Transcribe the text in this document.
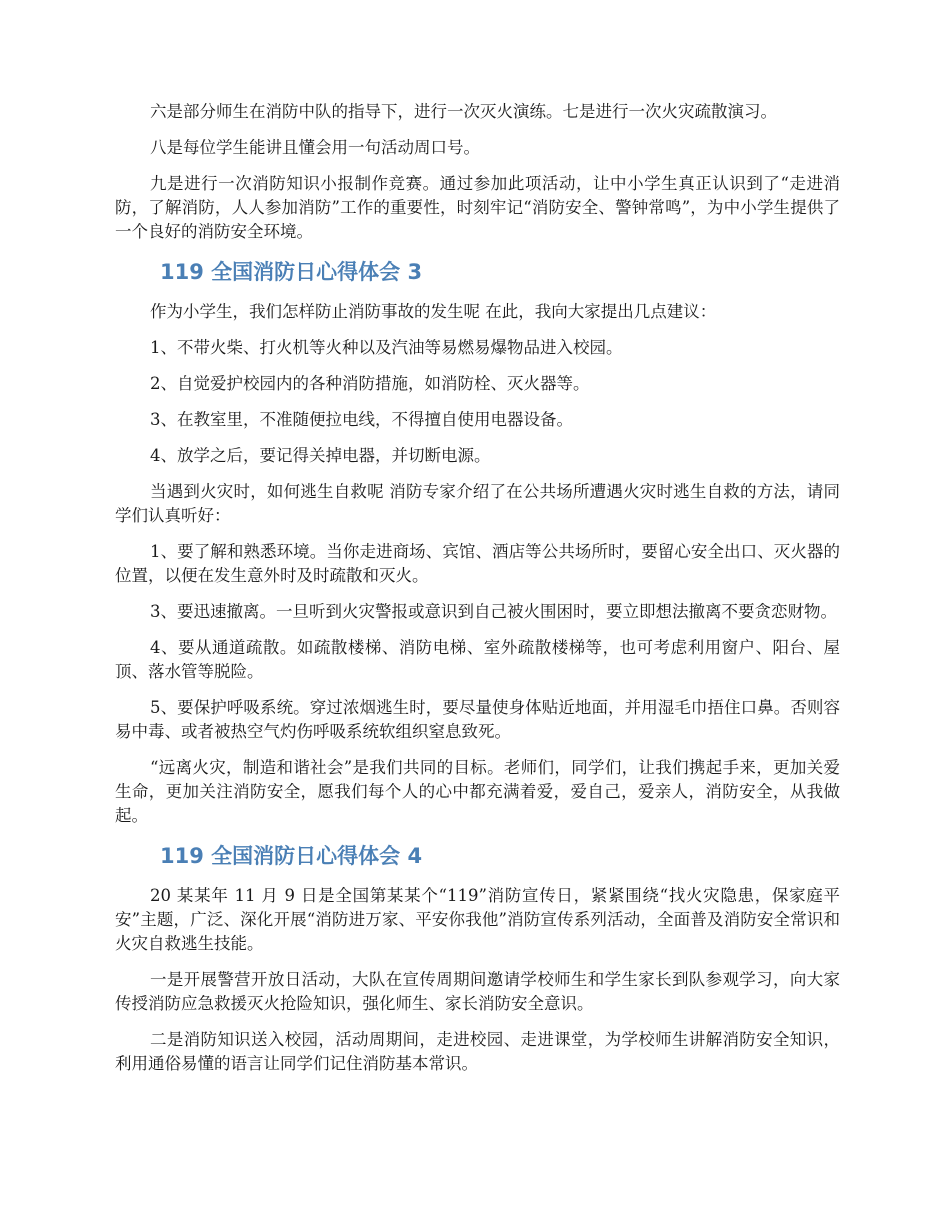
六是部分师生在消防中队的指导下，进行一次灭火演练。七是进行一次火灾疏散演习。

八是每位学生能讲且懂会用一句活动周口号。

九是进行一次消防知识小报制作竞赛。通过参加此项活动，让中小学生真正认识到了“走进消防，了解消防，人人参加消防”工作的重要性，时刻牢记“消防安全、警钟常鸣”，为中小学生提供了一个良好的消防安全环境。

119 全国消防日心得体会 3

作为小学生，我们怎样防止消防事故的发生呢 在此，我向大家提出几点建议：

1、不带火柴、打火机等火种以及汽油等易燃易爆物品进入校园。

2、自觉爱护校园内的各种消防措施，如消防栓、灭火器等。

3、在教室里，不准随便拉电线，不得擅自使用电器设备。

4、放学之后，要记得关掉电器，并切断电源。

当遇到火灾时，如何逃生自救呢 消防专家介绍了在公共场所遭遇火灾时逃生自救的方法，请同学们认真听好：

1、要了解和熟悉环境。当你走进商场、宾馆、酒店等公共场所时，要留心安全出口、灭火器的位置，以便在发生意外时及时疏散和灭火。

3、要迅速撤离。一旦听到火灾警报或意识到自己被火围困时，要立即想法撤离不要贪恋财物。

4、要从通道疏散。如疏散楼梯、消防电梯、室外疏散楼梯等，也可考虑利用窗户、阳台、屋顶、落水管等脱险。

5、要保护呼吸系统。穿过浓烟逃生时，要尽量使身体贴近地面，并用湿毛巾捂住口鼻。否则容易中毒、或者被热空气灼伤呼吸系统软组织窒息致死。

“远离火灾，制造和谐社会”是我们共同的目标。老师们，同学们，让我们携起手来，更加关爱生命，更加关注消防安全，愿我们每个人的心中都充满着爱，爱自己，爱亲人，消防安全，从我做起。

119 全国消防日心得体会 4

20 某某年 11 月 9 日是全国第某某个“119”消防宣传日，紧紧围绕“找火灾隐患，保家庭平安”主题，广泛、深化开展“消防进万家、平安你我他”消防宣传系列活动，全面普及消防安全常识和火灾自救逃生技能。

一是开展警营开放日活动，大队在宣传周期间邀请学校师生和学生家长到队参观学习，向大家传授消防应急救援灭火抢险知识，强化师生、家长消防安全意识。

二是消防知识送入校园，活动周期间，走进校园、走进课堂，为学校师生讲解消防安全知识，利用通俗易懂的语言让同学们记住消防基本常识。
